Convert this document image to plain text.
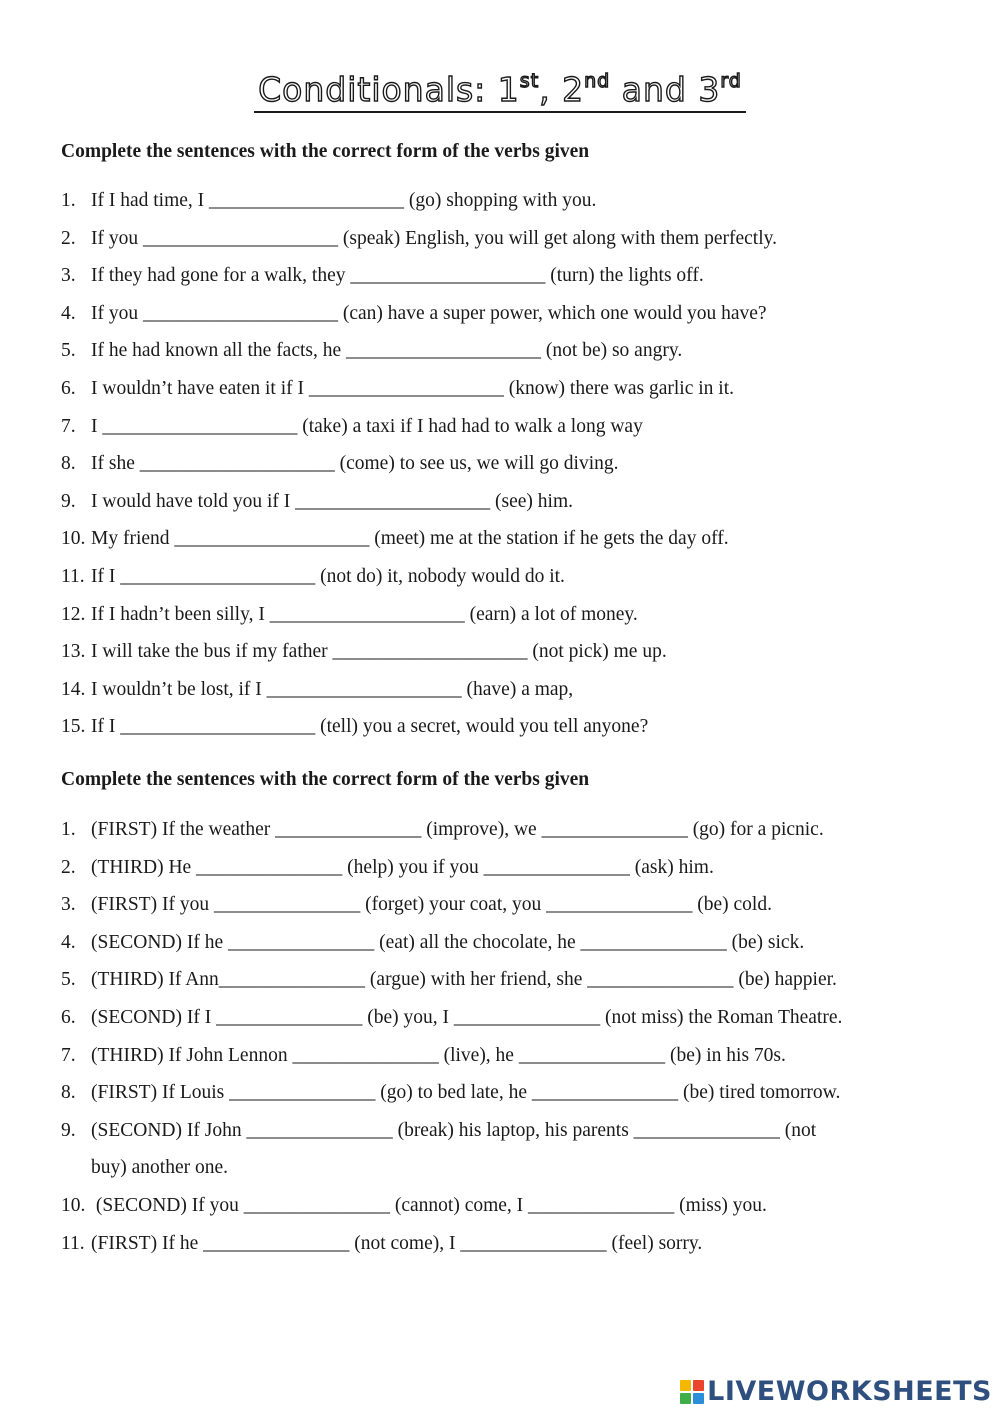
Conditionals: 1st, 2nd and 3rd
Complete the sentences with the correct form of the verbs given
1. If I had time, I ____________________ (go) shopping with you.
2. If you ____________________ (speak) English, you will get along with them perfectly.
3. If they had gone for a walk, they ____________________ (turn) the lights off.
4. If you ____________________ (can) have a super power, which one would you have?
5. If he had known all the facts, he ____________________ (not be) so angry.
6. I wouldn’t have eaten it if I ____________________ (know) there was garlic in it.
7. I ____________________ (take) a taxi if I had had to walk a long way
8. If she ____________________ (come) to see us, we will go diving.
9. I would have told you if I ____________________ (see) him.
10. My friend ____________________ (meet) me at the station if he gets the day off.
11. If I ____________________ (not do) it, nobody would do it.
12. If I hadn’t been silly, I ____________________ (earn) a lot of money.
13. I will take the bus if my father ____________________ (not pick) me up.
14. I wouldn’t be lost, if I ____________________ (have) a map,
15. If I ____________________ (tell) you a secret, would you tell anyone?
Complete the sentences with the correct form of the verbs given
1. (FIRST) If the weather _______________ (improve), we _______________ (go) for a picnic.
2. (THIRD) He _______________ (help) you if you _______________ (ask) him.
3. (FIRST) If you _______________ (forget) your coat, you _______________ (be) cold.
4. (SECOND) If he _______________ (eat) all the chocolate, he _______________ (be) sick.
5. (THIRD) If Ann_______________ (argue) with her friend, she _______________ (be) happier.
6. (SECOND) If I _______________ (be) you, I _______________ (not miss) the Roman Theatre.
7. (THIRD) If John Lennon _______________ (live), he _______________ (be) in his 70s.
8. (FIRST) If Louis _______________ (go) to bed late, he _______________ (be) tired tomorrow.
9. (SECOND) If John _______________ (break) his laptop, his parents _______________ (not
buy) another one.
10. (SECOND) If you _______________ (cannot) come, I _______________ (miss) you.
11. (FIRST) If he _______________ (not come), I _______________ (feel) sorry.
LIVEWORKSHEETS
